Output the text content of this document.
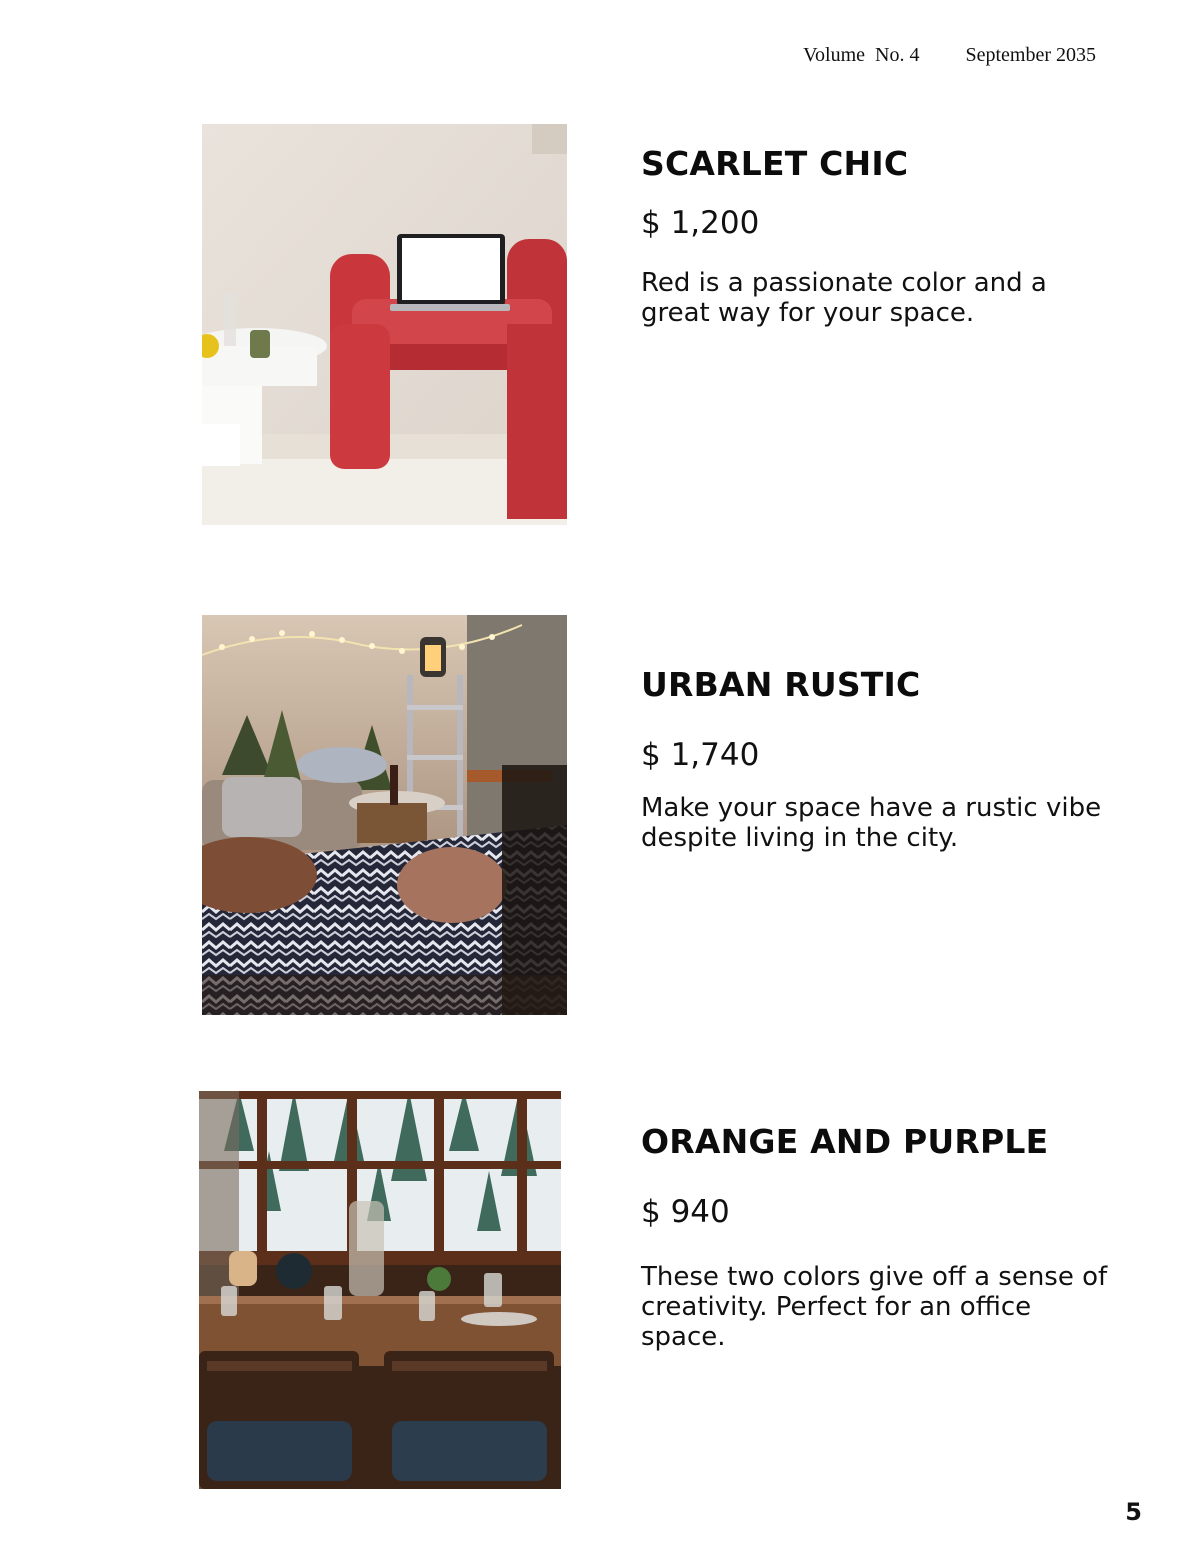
Volume  No. 4 September 2035
SCARLET CHIC
$ 1,200
Red is a passionate color and a great way for your space.
URBAN RUSTIC
$ 1,740
Make your space have a rustic vibe despite living in the city.
ORANGE AND PURPLE
$ 940
These two colors give off a sense of creativity. Perfect for an office space.
5
